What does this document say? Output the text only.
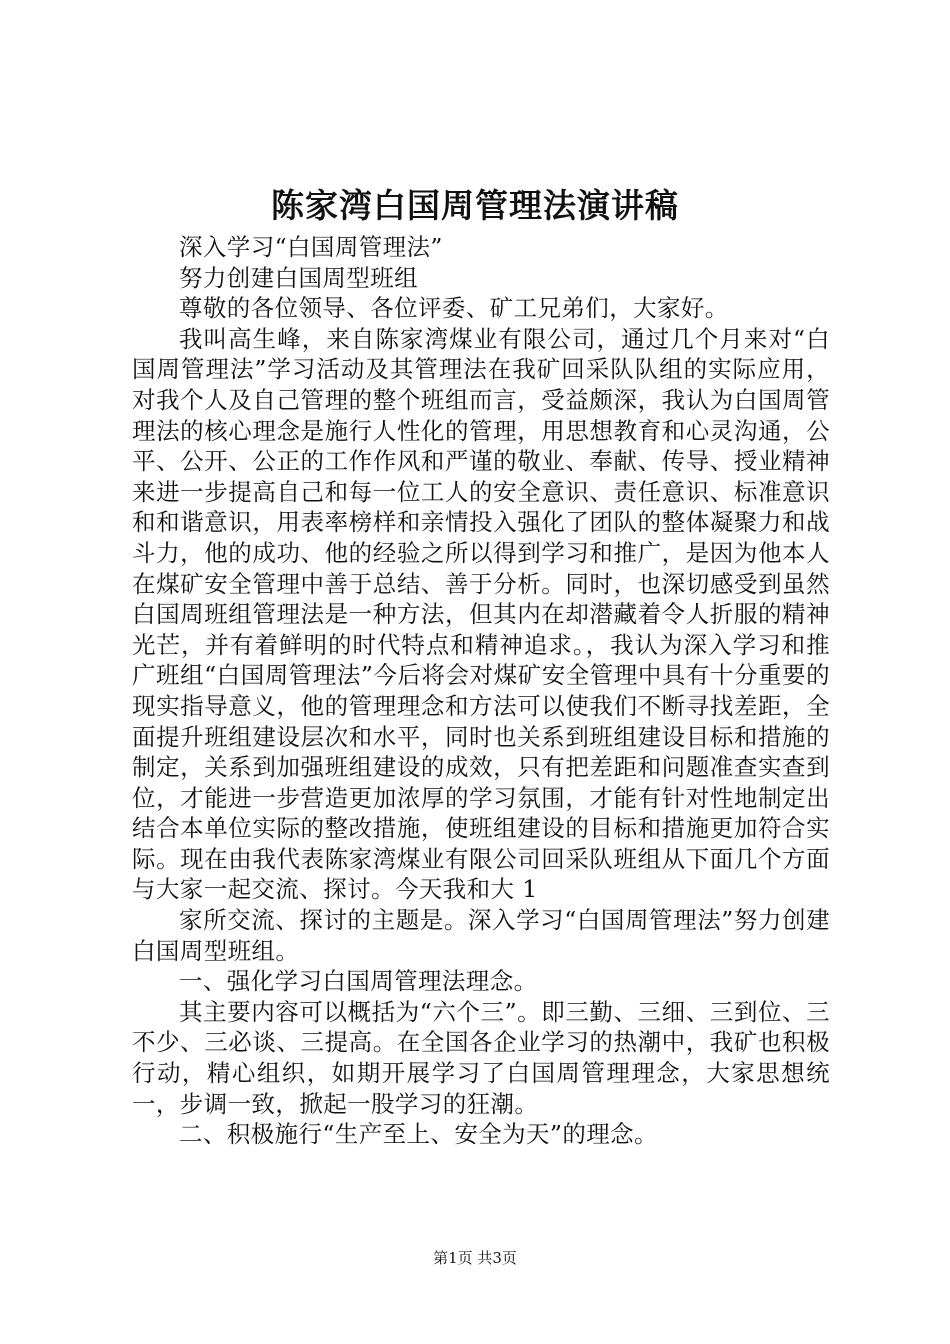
陈家湾白国周管理法演讲稿

深入学习“白国周管理法”

努力创建白国周型班组

尊敬的各位领导、各位评委、矿工兄弟们，大家好。

我叫高生峰，来自陈家湾煤业有限公司，通过几个月来对“白国周管理法”学习活动及其管理法在我矿回采队队组的实际应用，对我个人及自己管理的整个班组而言，受益颇深，我认为白国周管理法的核心理念是施行人性化的管理，用思想教育和心灵沟通，公平、公开、公正的工作作风和严谨的敬业、奉献、传导、授业精神来进一步提高自己和每一位工人的安全意识、责任意识、标准意识和和谐意识，用表率榜样和亲情投入强化了团队的整体凝聚力和战斗力，他的成功、他的经验之所以得到学习和推广，是因为他本人在煤矿安全管理中善于总结、善于分析。同时，也深切感受到虽然白国周班组管理法是一种方法，但其内在却潜藏着令人折服的精神光芒，并有着鲜明的时代特点和精神追求。，我认为深入学习和推广班组“白国周管理法”今后将会对煤矿安全管理中具有十分重要的现实指导意义，他的管理理念和方法可以使我们不断寻找差距，全面提升班组建设层次和水平，同时也关系到班组建设目标和措施的制定，关系到加强班组建设的成效，只有把差距和问题准查实查到位，才能进一步营造更加浓厚的学习氛围，才能有针对性地制定出结合本单位实际的整改措施，使班组建设的目标和措施更加符合实际。现在由我代表陈家湾煤业有限公司回采队班组从下面几个方面与大家一起交流、探讨。今天我和大 1

家所交流、探讨的主题是。深入学习“白国周管理法”努力创建白国周型班组。

一、强化学习白国周管理法理念。

其主要内容可以概括为“六个三”。即三勤、三细、三到位、三不少、三必谈、三提高。在全国各企业学习的热潮中，我矿也积极行动，精心组织，如期开展学习了白国周管理理念，大家思想统一，步调一致，掀起一股学习的狂潮。

二、积极施行“生产至上、安全为天”的理念。

第1页 共3页
